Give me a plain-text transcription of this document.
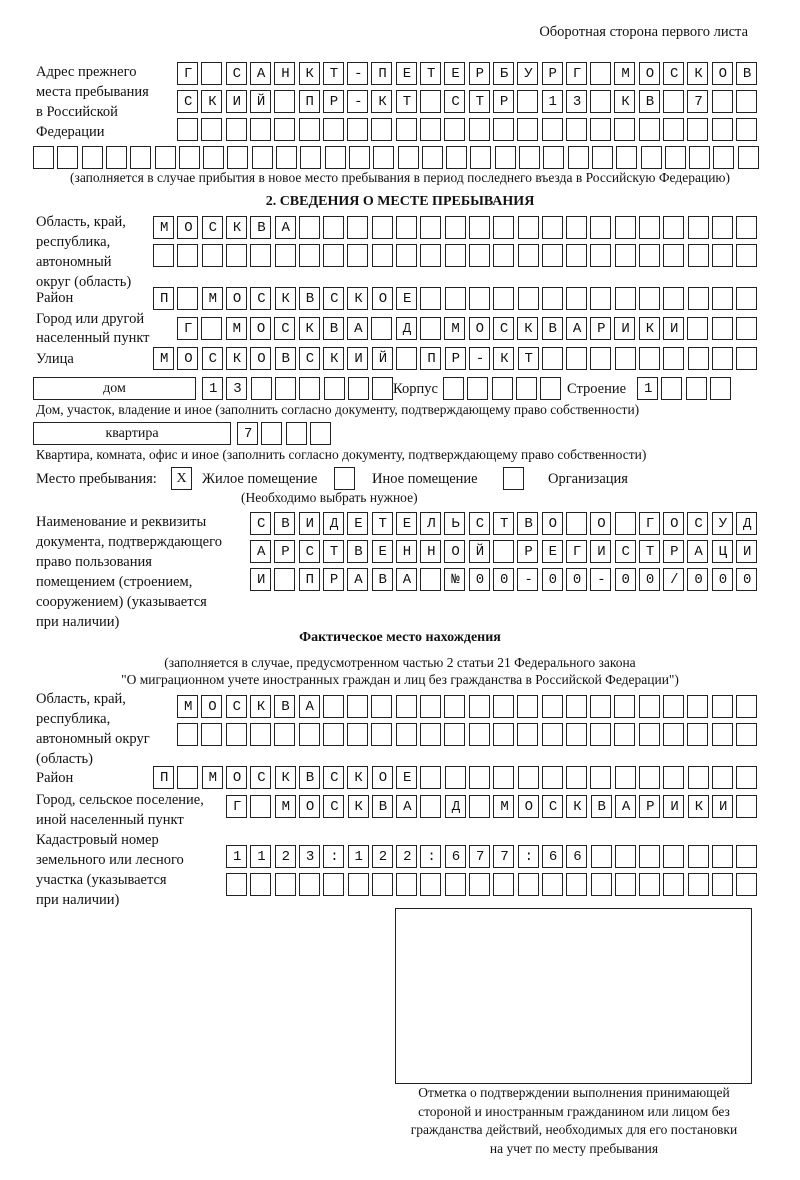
Оборотная сторона первого листа
Адрес прежнего
места пребывания
в Российской
Федерации
Г САНКТ-ПЕТЕРБУРГ МОСКОВ
СКИЙ ПР-КТ СТР 13 КВ 7

(заполняется в случае прибытия в новое место пребывания в период последнего въезда в Российскую Федерацию)
2. СВЕДЕНИЯ О МЕСТЕ ПРЕБЫВАНИЯ
Область, край,
республика,
автономный
округ (область)
МОСКВА

Район	П МОСКВСКОЕ
Город или другой
населенный пункт
Г МОСКВА Д МОСКВАРИКИ
Улица	МОСКОВСКИЙ ПР-КТ
дом	13
Корпус
	Строение 1
Дом, участок, владение и иное (заполнить согласно документу, подтверждающему право собственности)
квартира	7
Квартира, комната, офис и иное (заполнить согласно документу, подтверждающему право собственности)
Место пребывания:	X	Жилое помещение	Иное помещение	Организация
(Необходимо выбрать нужное)
Наименование и реквизиты
документа, подтверждающего
право пользования
помещением (строением,
сооружением) (указывается
при наличии)
СВИДЕТЕЛЬСТВО О ГОСУД
АРСТВЕННОЙ РЕГИСТРАЦИ
И ПРАВА №00-00-00/000
Фактическое место нахождения
(заполняется в случае, предусмотренном частью 2 статьи 21 Федерального закона
"О миграционном учете иностранных граждан и лиц без гражданства в Российской Федерации")
Область, край,
республика,
автономный округ
(область)
МОСКВА

Район	П МОСКВСКОЕ
Город, сельское поселение,
иной населенный пункт
Г МОСКВА Д МОСКВАРИКИ
Кадастровый номер
земельного или лесного
участка (указывается
при наличии)
1123:122:677:66

Отметка о подтверждении выполнения принимающей
стороной и иностранным гражданином или лицом без
гражданства действий, необходимых для его постановки
на учет по месту пребывания
